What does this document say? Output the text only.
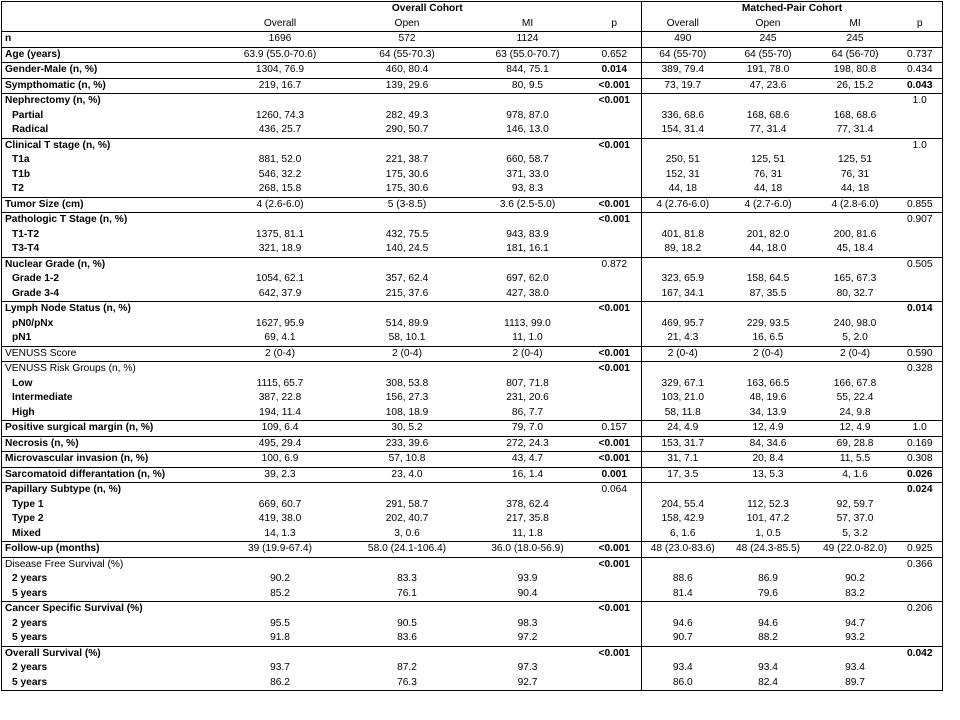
	Overall Cohort				Matched-Pair Cohort			
	Overall	Open	MI	p	Overall	Open	MI	p
n	1696	572	1124		490	245	245	
Age (years)	63.9 (55.0-70.6)	64 (55-70.3)	63 (55.0-70.7)	0.652	64 (55-70)	64 (55-70)	64 (56-70)	0.737
Gender-Male (n, %)	1304, 76.9	460, 80.4	844, 75.1	0.014	389, 79.4	191, 78.0	198, 80.8	0.434
Sympthomatic (n, %)	219, 16.7	139, 29.6	80, 9.5	<0.001	73, 19.7	47, 23.6	26, 15.2	0.043
Nephrectomy (n, %)				<0.001				1.0
Partial	1260, 74.3	282, 49.3	978, 87.0		336, 68.6	168, 68.6	168, 68.6	
Radical	436, 25.7	290, 50.7	146, 13.0		154, 31.4	77, 31.4	77, 31.4	
Clinical T stage (n, %)				<0.001				1.0
T1a	881, 52.0	221, 38.7	660, 58.7		250, 51	125, 51	125, 51	
T1b	546, 32.2	175, 30.6	371, 33.0		152, 31	76, 31	76, 31	
T2	268, 15.8	175, 30.6	93, 8.3		44, 18	44, 18	44, 18	
Tumor Size (cm)	4 (2.6-6.0)	5 (3-8.5)	3.6 (2.5-5.0)	<0.001	4 (2.76-6.0)	4 (2.7-6.0)	4 (2.8-6.0)	0.855
Pathologic T Stage (n, %)				<0.001				0.907
T1-T2	1375, 81.1	432, 75.5	943, 83.9		401, 81.8	201, 82.0	200, 81.6	
T3-T4	321, 18.9	140, 24.5	181, 16.1		89, 18.2	44, 18.0	45, 18.4	
Nuclear Grade (n, %)				0.872				0.505
Grade 1-2	1054, 62.1	357, 62.4	697, 62.0		323, 65.9	158, 64.5	165, 67.3	
Grade 3-4	642, 37.9	215, 37.6	427, 38.0		167, 34.1	87, 35.5	80, 32.7	
Lymph Node Status (n, %)				<0.001				0.014
pN0/pNx	1627, 95.9	514, 89.9	1113, 99.0		469, 95.7	229, 93.5	240, 98.0	
pN1	69, 4.1	58, 10.1	11, 1.0		21, 4.3	16, 6.5	5, 2.0	
VENUSS Score	2 (0-4)	2 (0-4)	2 (0-4)	<0.001	2 (0-4)	2 (0-4)	2 (0-4)	0.590
VENUSS Risk Groups (n, %)				<0.001				0.328
Low	1115, 65.7	308, 53.8	807, 71.8		329, 67.1	163, 66.5	166, 67.8	
Intermediate	387, 22.8	156, 27.3	231, 20.6		103, 21.0	48, 19.6	55, 22.4	
High	194, 11.4	108, 18.9	86, 7.7		58, 11.8	34, 13.9	24, 9.8	
Positive surgical margin (n, %)	109, 6.4	30, 5.2	79, 7.0	0.157	24, 4.9	12, 4.9	12, 4.9	1.0
Necrosis (n, %)	495, 29.4	233, 39.6	272, 24.3	<0.001	153, 31.7	84, 34.6	69, 28.8	0.169
Microvascular invasion (n, %)	100, 6.9	57, 10.8	43, 4.7	<0.001	31, 7.1	20, 8.4	11, 5.5	0.308
Sarcomatoid differantation (n, %)	39, 2.3	23, 4.0	16, 1.4	0.001	17, 3.5	13, 5.3	4, 1.6	0.026
Papillary Subtype (n, %)				0.064				0.024
Type 1	669, 60.7	291, 58.7	378, 62.4		204, 55.4	112, 52.3	92, 59.7	
Type 2	419, 38.0	202, 40.7	217, 35.8		158, 42.9	101, 47.2	57, 37.0	
Mixed	14, 1.3	3, 0.6	11, 1.8		6, 1.6	1, 0.5	5, 3.2	
Follow-up (months)	39 (19.9-67.4)	58.0 (24.1-106.4)	36.0 (18.0-56.9)	<0.001	48 (23.0-83.6)	48 (24.3-85.5)	49 (22.0-82.0)	0.925
Disease Free Survival (%)				<0.001				0.366
2 years	90.2	83.3	93.9		88.6	86.9	90.2	
5 years	85.2	76.1	90.4		81.4	79.6	83.2	
Cancer Specific Survival (%)				<0.001				0.206
2 years	95.5	90.5	98.3		94.6	94.6	94.7	
5 years	91.8	83.6	97.2		90.7	88.2	93.2	
Overall Survival (%)				<0.001				0.042
2 years	93.7	87.2	97.3		93.4	93.4	93.4	
5 years	86.2	76.3	92.7		86.0	82.4	89.7	
